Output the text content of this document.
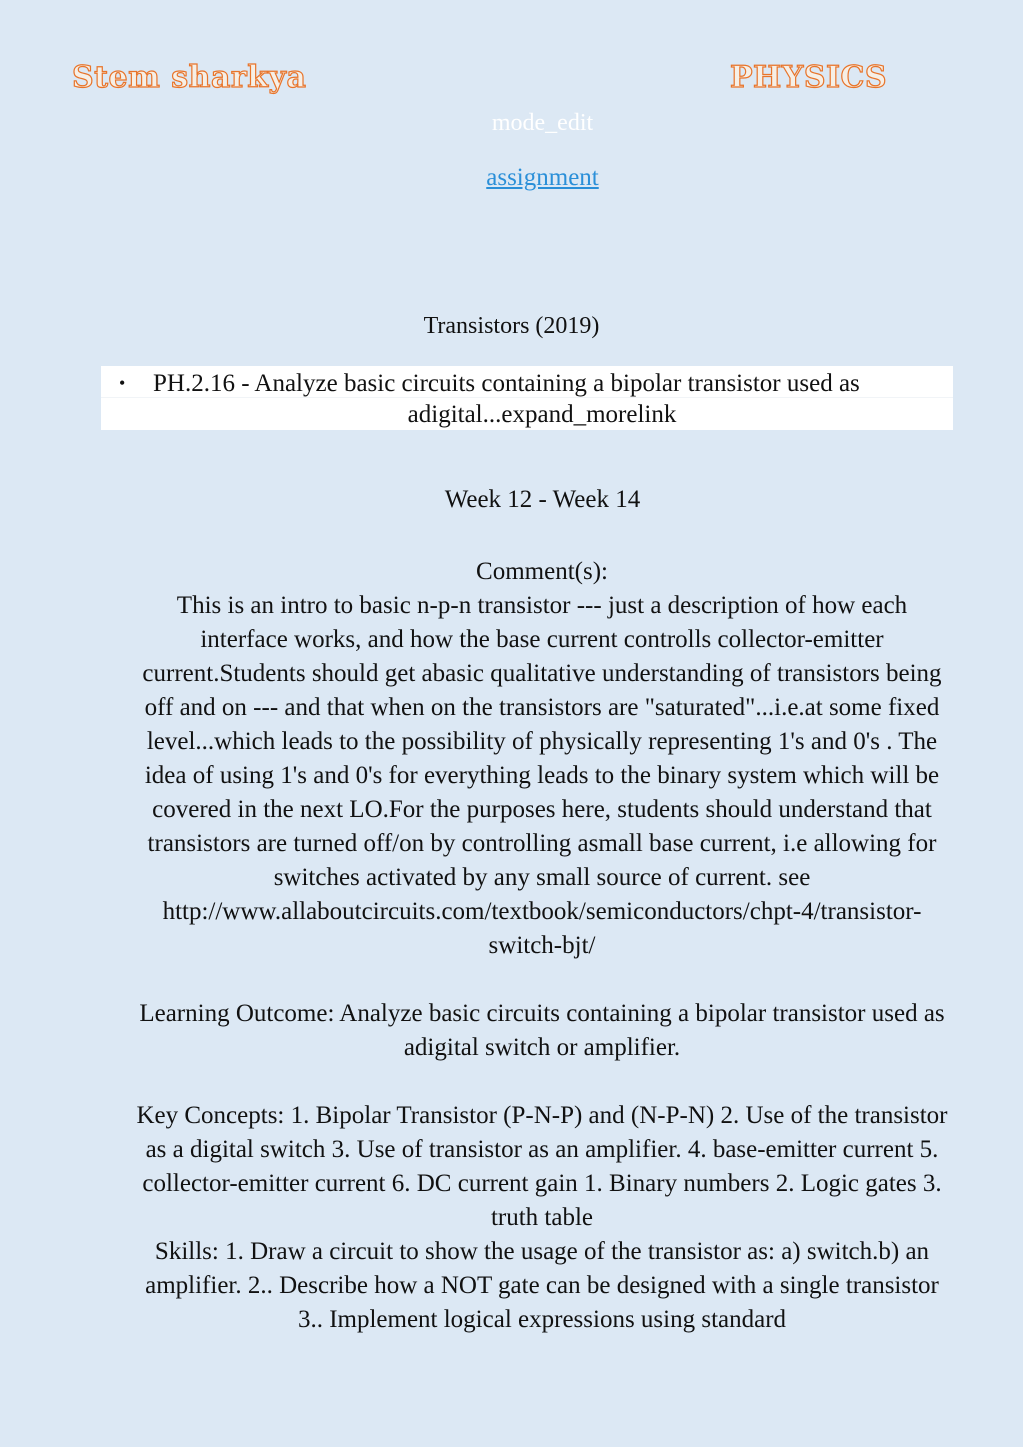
Stem sharkya	PHYSICS
mode_edit
assignment
Transistors (2019)
• PH.2.16 - Analyze basic circuits containing a bipolar transistor used as
adigital...expand_morelink
Week 12 - Week 14

Comment(s):

This is an intro to basic n-p-n transistor --- just a description of how each interface works, and how the base current controlls collector-emitter current.Students should get abasic qualitative understanding of transistors being off and on --- and that when on the transistors are "saturated"...i.e.at some fixed level...which leads to the possibility of physically representing 1's and 0's . The idea of using 1's and 0's for everything leads to the binary system which will be covered in the next LO.For the purposes here, students should understand that transistors are turned off/on by controlling asmall base current, i.e allowing for switches activated by any small source of current. see http://www.allaboutcircuits.com/textbook/semiconductors/chpt-4/transistor-switch-bjt/

Learning Outcome: Analyze basic circuits containing a bipolar transistor used as adigital switch or amplifier.

Key Concepts: 1. Bipolar Transistor (P-N-P) and (N-P-N) 2. Use of the transistor as a digital switch 3. Use of transistor as an amplifier. 4. base-emitter current 5. collector-emitter current 6. DC current gain 1. Binary numbers 2. Logic gates 3. truth table

Skills: 1. Draw a circuit to show the usage of the transistor as: a) switch.b) an amplifier. 2.. Describe how a NOT gate can be designed with a single transistor 3.. Implement logical expressions using standard
